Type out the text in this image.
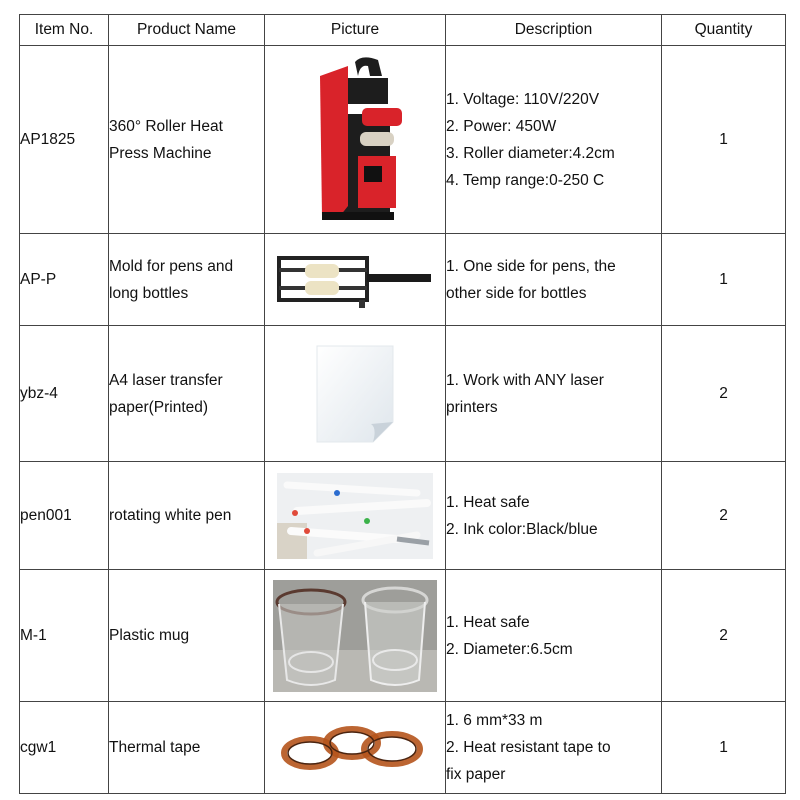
Item No.	Product Name	Picture	Description	Quantity
AP1825	360° Roller Heat Press Machine		1. Voltage: 110V/220V
2. Power: 450W
3. Roller diameter:4.2cm
4. Temp range:0-250 C	1
AP-P	Mold for pens and long bottles		1. One side for pens, the
other side for bottles	1
ybz-4	A4 laser transfer paper(Printed)		1. Work with ANY laser
printers	2
pen001	rotating white pen		1. Heat safe
2. Ink color:Black/blue	2
M-1	Plastic mug		1. Heat safe
2. Diameter:6.5cm	2
cgw1	Thermal tape		1. 6 mm*33 m
2. Heat resistant tape to
fix paper	1
